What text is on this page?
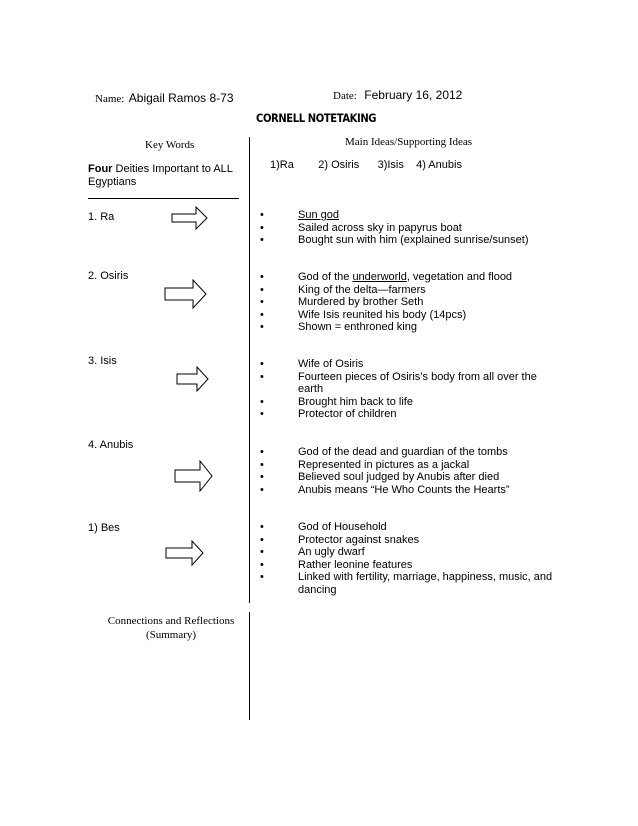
Name: Abigail Ramos 8-73	Date: February 16, 2012
CORNELL NOTETAKING
Key Words	Main Ideas/Supporting Ideas
Four Deities Important to ALL Egyptians
1)Ra        2) Osiris      3)Isis    4) Anubis
1. Ra	•	Sun god
•	Sailed across sky in papyrus boat
•	Bought sun with him (explained sunrise/sunset)
2. Osiris	•	God of the underworld, vegetation and flood
•	King of the delta—farmers
•	Murdered by brother Seth
•	Wife Isis reunited his body (14pcs)
•	Shown = enthroned king
3. Isis	•	Wife of Osiris
•	Fourteen pieces of Osiris’s body from all over the earth
•	Brought him back to life
•	Protector of children
4. Anubis
•	God of the dead and guardian of the tombs
•	Represented in pictures as a jackal
•	Believed soul judged by Anubis after died
•	Anubis means “He Who Counts the Hearts”
1) Bes	•	God of Household
•	Protector against snakes
•	An ugly dwarf
•	Rather leonine features
•	Linked with fertility, marriage, happiness, music, and dancing
Connections and Reflections
(Summary)
